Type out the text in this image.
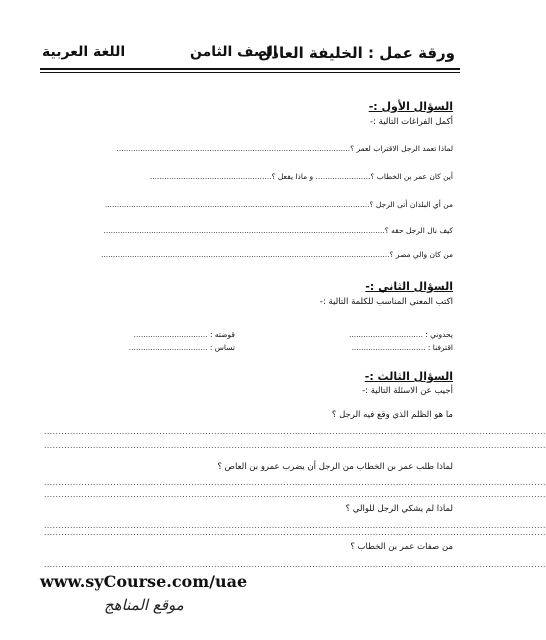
ورقة عمل : الخليفة العادل
الصف الثامن
اللغة العربية
السؤال الأول :-
أكمل الفراغات التالية :-
لماذا تعمد الرجل الاقتراب لعمر ؟..................................................................................................
أين كان عمر بن الخطاب ؟....................... و ماذا يفعل ؟...................................................
من أي البلدان أتى الرجل ؟...............................................................................................................
كيف نال الرجل حقه ؟......................................................................................................................
من كان والي مصر ؟.........................................................................................................................
السؤال الثاني :-
اكتب المعنى المناسب للكلمة التالية :-
يحدوني : ...............................
اقترفنا : ...............................
قوضته : ...............................
تساس : .................................
السؤال الثالث :-
أجيب عن الاسئلة التالية :-
ما هو الظلم الذي وقع فيه الرجل ؟
..............................................................................................................................................................................
..............................................................................................................................................................................
لماذا طلب عمر بن الخطاب من الرجل أن يضرب عمرو بن العاص ؟
..............................................................................................................................................................................
..............................................................................................................................................................................
لماذا لم يشكي الرجل للوالي ؟
..............................................................................................................................................................................
..............................................................................................................................................................................
من صفات عمر بن الخطاب ؟
..............................................................................................................................................................................
www.syCourse.com/uae
موقع المناهج
